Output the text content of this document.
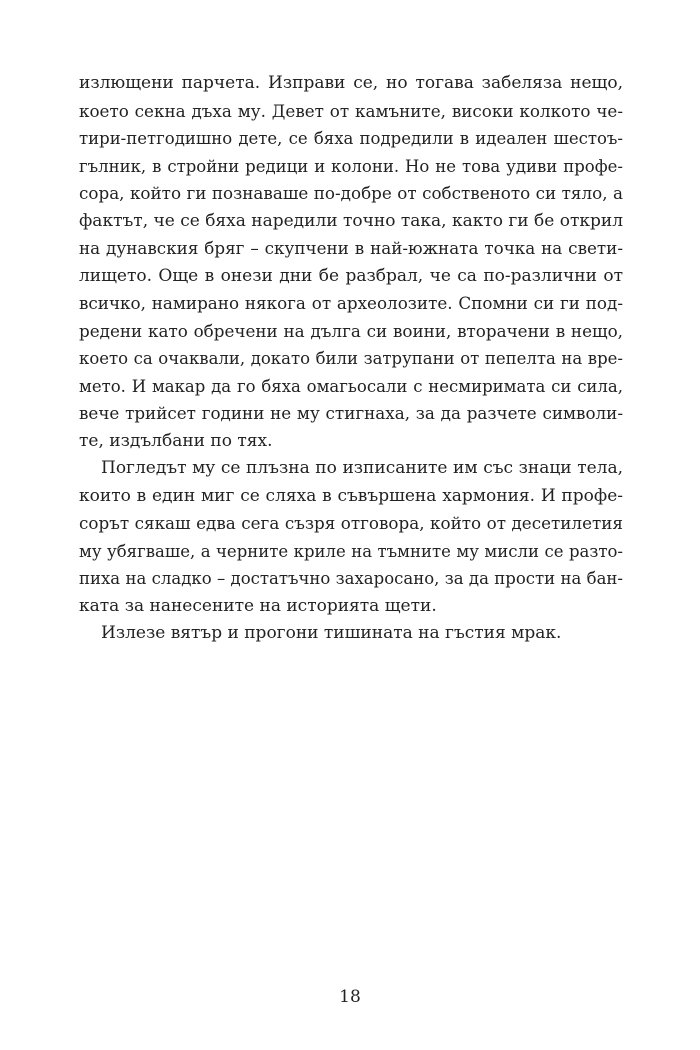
излющени парчета. Изправи се, но тогава забеляза нещо,
което секна дъха му. Девет от камъните, високи колкото че-
тири-петгодишно дете, се бяха подредили в идеален шестоъ-
гълник, в стройни редици и колони. Но не това удиви профе-
сора, който ги познаваше по-добре от собственото си тяло, а
фактът, че се бяха наредили точно така, както ги бе открил
на дунавския бряг – скупчени в най-южната точка на свети-
лището. Още в онези дни бе разбрал, че са по-различни от
всичко, намирано някога от археолозите. Спомни си ги под-
редени като обречени на дълга си воини, вторачени в нещо,
което са очаквали, докато били затрупани от пепелта на вре-
мето. И макар да го бяха омагьосали с несмиримата си сила,
вече трийсет години не му стигнаха, за да разчете символи-
те, издълбани по тях.
Погледът му се плъзна по изписаните им със знаци тела,
които в един миг се сляха в съвършена хармония. И профе-
сорът сякаш едва сега съзря отговора, който от десетилетия
му убягваше, а черните криле на тъмните му мисли се разто-
пиха на сладко – достатъчно захаросано, за да прости на бан-
ката за нанесените на историята щети.
Излезе вятър и прогони тишината на гъстия мрак.
18
